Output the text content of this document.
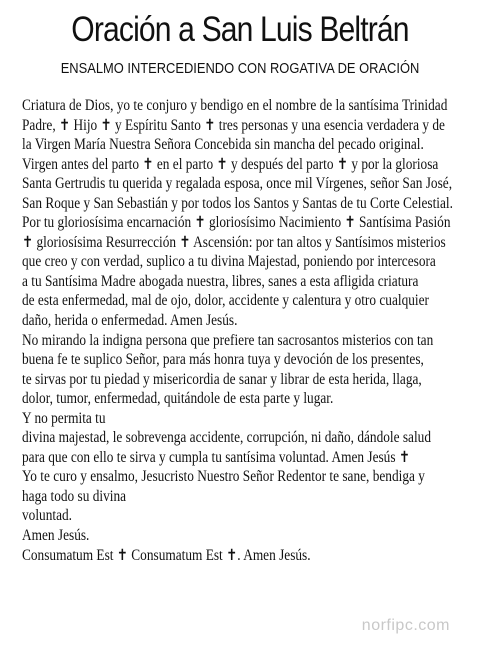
Oración a San Luis Beltrán
ENSALMO INTERCEDIENDO CON ROGATIVA DE ORACIÓN
Criatura de Dios, yo te conjuro y bendigo en el nombre de la santísima Trinidad
Padre, ✝ Hijo ✝ y Espíritu Santo ✝ tres personas y una esencia verdadera y de
la Virgen María Nuestra Señora Concebida sin mancha del pecado original.
Virgen antes del parto ✝ en el parto ✝ y después del parto ✝ y por la gloriosa
Santa Gertrudis tu querida y regalada esposa, once mil Vírgenes, señor San José,
San Roque y San Sebastián y por todos los Santos y Santas de tu Corte Celestial.
Por tu gloriosísima encarnación ✝ gloriosísimo Nacimiento ✝ Santísima Pasión
✝ gloriosísima Resurrección ✝ Ascensión: por tan altos y Santísimos misterios
que creo y con verdad, suplico a tu divina Majestad, poniendo por intercesora
a tu Santísima Madre abogada nuestra, libres, sanes a esta afligida criatura
de esta enfermedad, mal de ojo, dolor, accidente y calentura y otro cualquier
daño, herida o enfermedad. Amen Jesús.
No mirando la indigna persona que prefiere tan sacrosantos misterios con tan
buena fe te suplico Señor, para más honra tuya y devoción de los presentes,
te sirvas por tu piedad y misericordia de sanar y librar de esta herida, llaga,
dolor, tumor, enfermedad, quitándole de esta parte y lugar.
Y no permita tu
divina majestad, le sobrevenga accidente, corrupción, ni daño, dándole salud
para que con ello te sirva y cumpla tu santísima voluntad. Amen Jesús ✝
Yo te curo y ensalmo, Jesucristo Nuestro Señor Redentor te sane, bendiga y
haga todo su divina
voluntad.
Amen Jesús.
Consumatum Est ✝ Consumatum Est ✝. Amen Jesús.
norfipc.com
